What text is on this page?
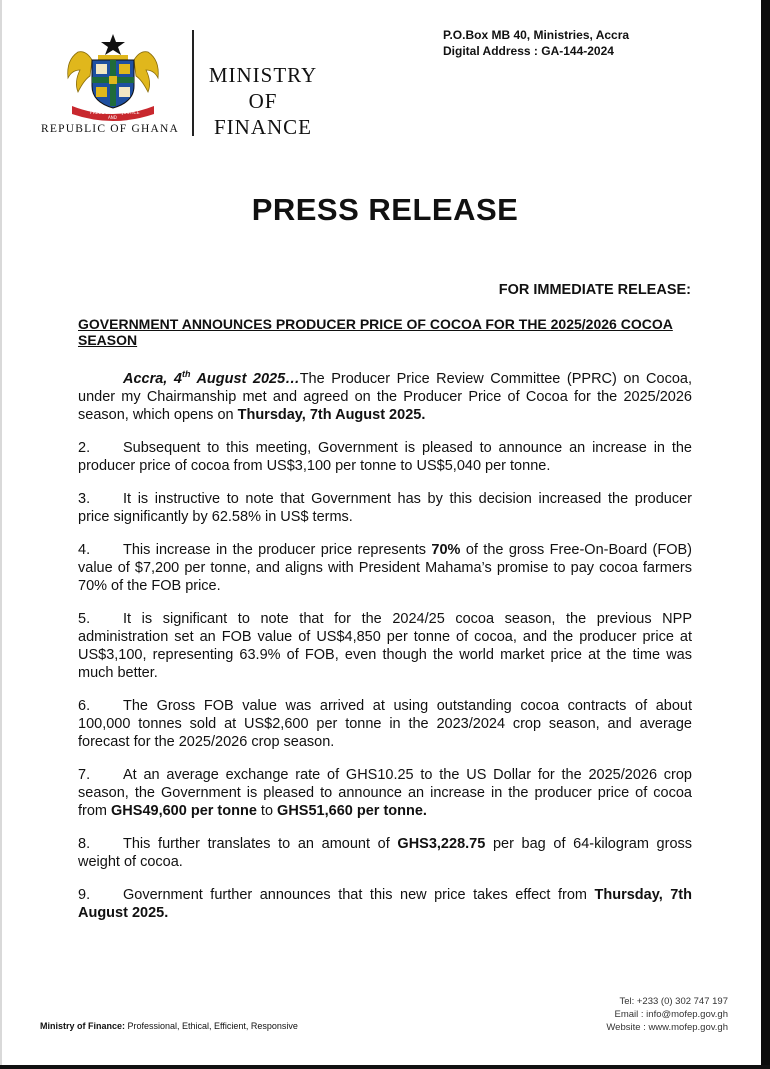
FREEDOM JUSTICE
AND
REPUBLIC OF GHANA
MINISTRY
OF
FINANCE
P.O.Box MB 40, Ministries, Accra
Digital Address : GA-144-2024
PRESS RELEASE
FOR IMMEDIATE RELEASE:
GOVERNMENT ANNOUNCES PRODUCER PRICE OF COCOA FOR THE 2025/2026 COCOA SEASON

Accra, 4th August 2025…The Producer Price Review Committee (PPRC) on Cocoa, under my Chairmanship met and agreed on the Producer Price of Cocoa for the 2025/2026 season, which opens on Thursday, 7th August 2025.

2. Subsequent to this meeting, Government is pleased to announce an increase in the producer price of cocoa from US$3,100 per tonne to US$5,040 per tonne.

3. It is instructive to note that Government has by this decision increased the producer price significantly by 62.58% in US$ terms.

4. This increase in the producer price represents 70% of the gross Free-On-Board (FOB) value of $7,200 per tonne, and aligns with President Mahama’s promise to pay cocoa farmers 70% of the FOB price.

5. It is significant to note that for the 2024/25 cocoa season, the previous NPP administration set an FOB value of US$4,850 per tonne of cocoa, and the producer price at US$3,100, representing 63.9% of FOB, even though the world market price at the time was much better.

6. The Gross FOB value was arrived at using outstanding cocoa contracts of about 100,000 tonnes sold at US$2,600 per tonne in the 2023/2024 crop season, and average forecast for the 2025/2026 crop season.

7. At an average exchange rate of GHS10.25 to the US Dollar for the 2025/2026 crop season, the Government is pleased to announce an increase in the producer price of cocoa from GHS49,600 per tonne to GHS51,660 per tonne.

8. This further translates to an amount of GHS3,228.75 per bag of 64-kilogram gross weight of cocoa.

9. Government further announces that this new price takes effect from Thursday, 7th August 2025.

Ministry of Finance: Professional, Ethical, Efficient, Responsive
Tel: +233 (0) 302 747 197
Email : info@mofep.gov.gh
Website : www.mofep.gov.gh
